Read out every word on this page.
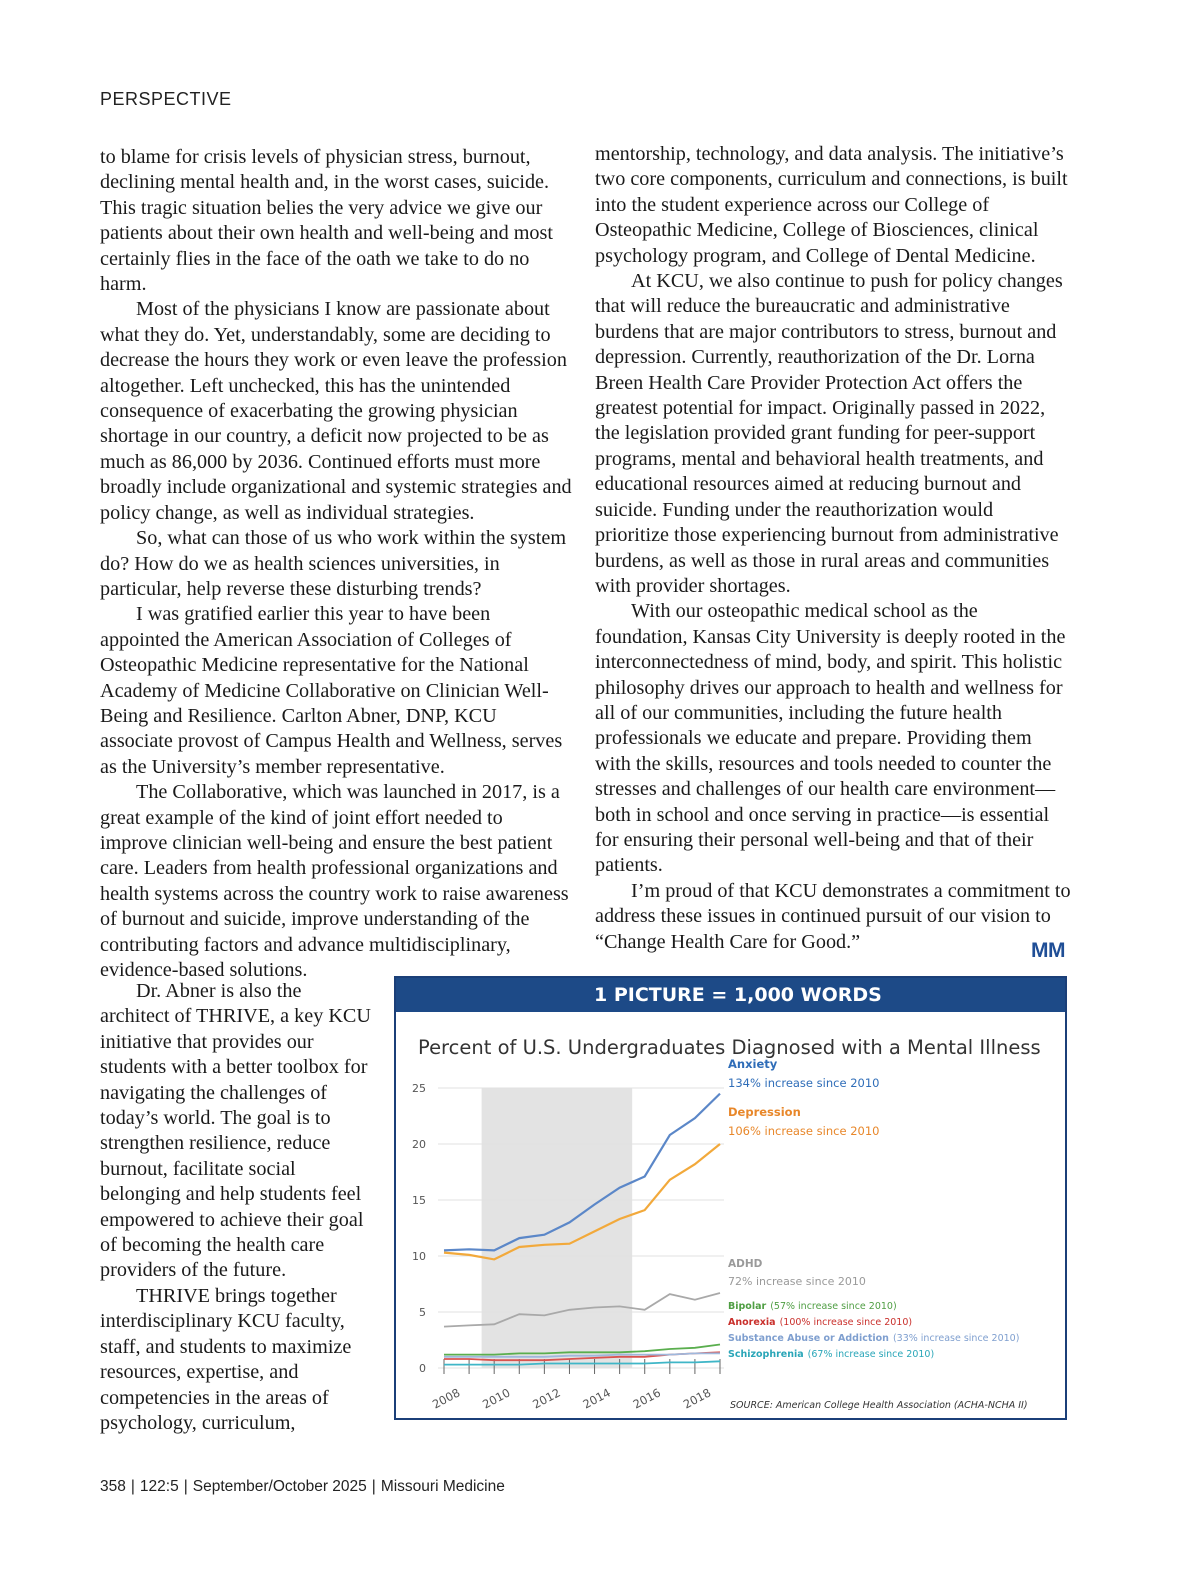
PERSPECTIVE

to blame for crisis levels of physician stress, burnout, declining mental health and, in the worst cases, suicide. This tragic situation belies the very advice we give our patients about their own health and well-being and most certainly flies in the face of the oath we take to do no harm.

Most of the physicians I know are passionate about what they do. Yet, understandably, some are deciding to decrease the hours they work or even leave the profession altogether. Left unchecked, this has the unintended consequence of exacerbating the growing physician shortage in our country, a deficit now projected to be as much as 86,000 by 2036. Continued efforts must more broadly include organizational and systemic strategies and policy change, as well as individual strategies.

So, what can those of us who work within the system do? How do we as health sciences universities, in particular, help reverse these disturbing trends?

I was gratified earlier this year to have been appointed the American Association of Colleges of Osteopathic Medicine representative for the National Academy of Medicine Collaborative on Clinician Well-Being and Resilience. Carlton Abner, DNP, KCU associate provost of Campus Health and Wellness, serves as the University’s member representative.

The Collaborative, which was launched in 2017, is a great example of the kind of joint effort needed to improve clinician well-being and ensure the best patient care. Leaders from health professional organizations and health systems across the country work to raise awareness of burnout and suicide, improve understanding of the contributing factors and advance multidisciplinary, evidence-based solutions.

Dr. Abner is also the architect of THRIVE, a key KCU initiative that provides our students with a better toolbox for navigating the challenges of today’s world. The goal is to strengthen resilience, reduce burnout, facilitate social belonging and help students feel empowered to achieve their goal of becoming the health care providers of the future.

THRIVE brings together interdisciplinary KCU faculty, staff, and students to maximize resources, expertise, and competencies in the areas of psychology, curriculum,

mentorship, technology, and data analysis. The initiative’s two core components, curriculum and connections, is built into the student experience across our College of Osteopathic Medicine, College of Biosciences, clinical psychology program, and College of Dental Medicine.

At KCU, we also continue to push for policy changes that will reduce the bureaucratic and administrative burdens that are major contributors to stress, burnout and depression. Currently, reauthorization of the Dr. Lorna Breen Health Care Provider Protection Act offers the greatest potential for impact. Originally passed in 2022, the legislation provided grant funding for peer-support programs, mental and behavioral health treatments, and educational resources aimed at reducing burnout and suicide. Funding under the reauthorization would prioritize those experiencing burnout from administrative burdens, as well as those in rural areas and communities with provider shortages.

With our osteopathic medical school as the foundation, Kansas City University is deeply rooted in the interconnectedness of mind, body, and spirit. This holistic philosophy drives our approach to health and wellness for all of our communities, including the future health professionals we educate and prepare. Providing them with the skills, resources and tools needed to counter the stresses and challenges of our health care environment—both in school and once serving in practice—is essential for ensuring their personal well-being and that of their patients.

I’m proud of that KCU demonstrates a commitment to address these issues in continued pursuit of our vision to “Change Health Care for Good.”	MM
1 PICTURE = 1,000 WORDS
Percent of U.S. Undergraduates Diagnosed with a Mental Illness
0
5
10
15
20
25
2008 2010 2012 2014 2016 2018
Anxiety
134% increase since 2010
Depression
106% increase since 2010
ADHD
72% increase since 2010
Bipolar (57% increase since 2010)
Anorexia (100% increase since 2010)
Substance Abuse or Addiction (33% increase since 2010)
Schizophrenia (67% increase since 2010)
SOURCE: American College Health Association (ACHA-NCHA II)
358 | 122:5 | September/October 2025 | Missouri Medicine
